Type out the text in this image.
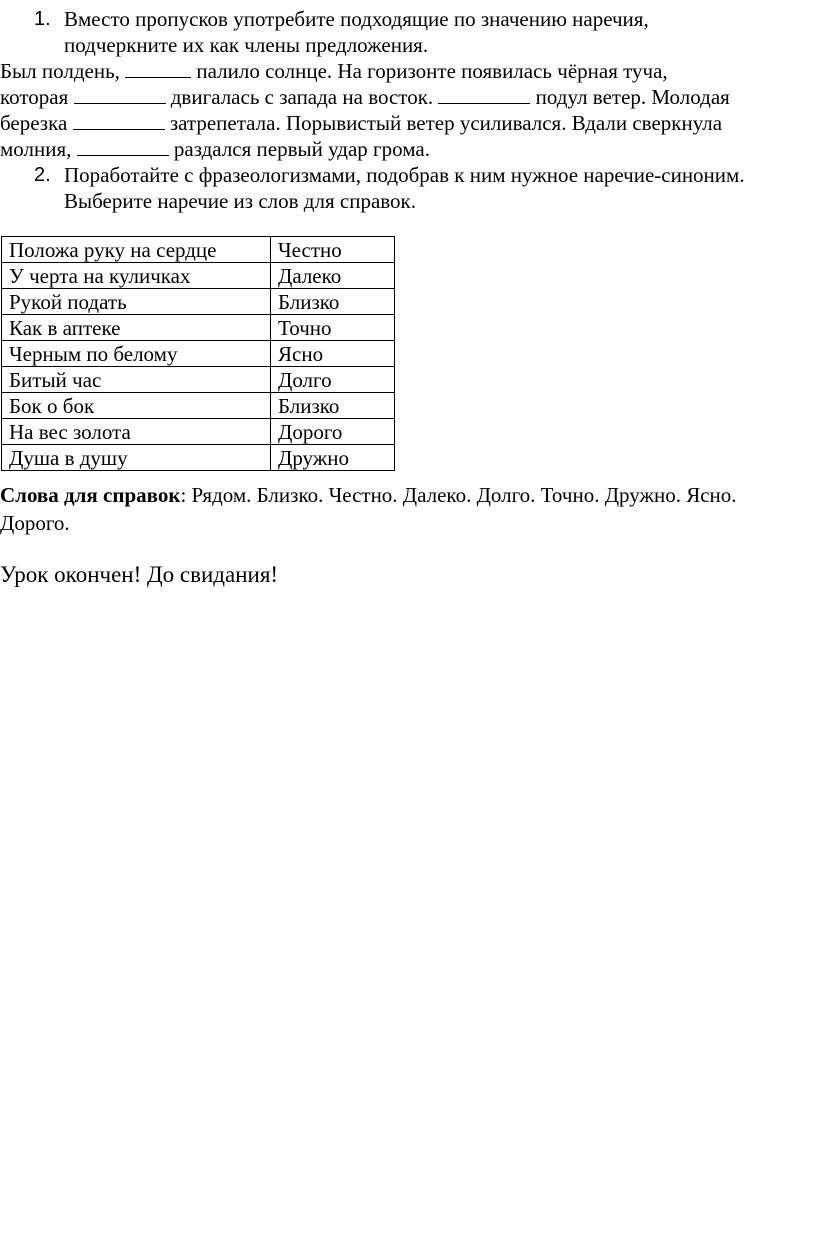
1. Вместо пропусков употребите подходящие по значению наречия,
подчеркните их как члены предложения.
Был полдень,	палило солнце. На горизонте появилась чёрная туча,
которая	двигалась с запада на восток.	подул ветер. Молодая
березка	затрепетала. Порывистый ветер усиливался. Вдали сверкнула
молния,	раздался первый удар грома.
2. Поработайте с фразеологизмами, подобрав к ним нужное наречие-синоним.
Выберите наречие из слов для справок.
Положа руку на сердце	Честно
У черта на куличках	Далеко
Рукой подать	Близко
Как в аптеке	Точно
Черным по белому	Ясно
Битый час	Долго
Бок о бок	Близко
На вес золота	Дорого
Душа в душу	Дружно
Слова для справок: Рядом. Близко. Честно. Далеко. Долго. Точно. Дружно. Ясно.
Дорого.
Урок окончен! До свидания!
